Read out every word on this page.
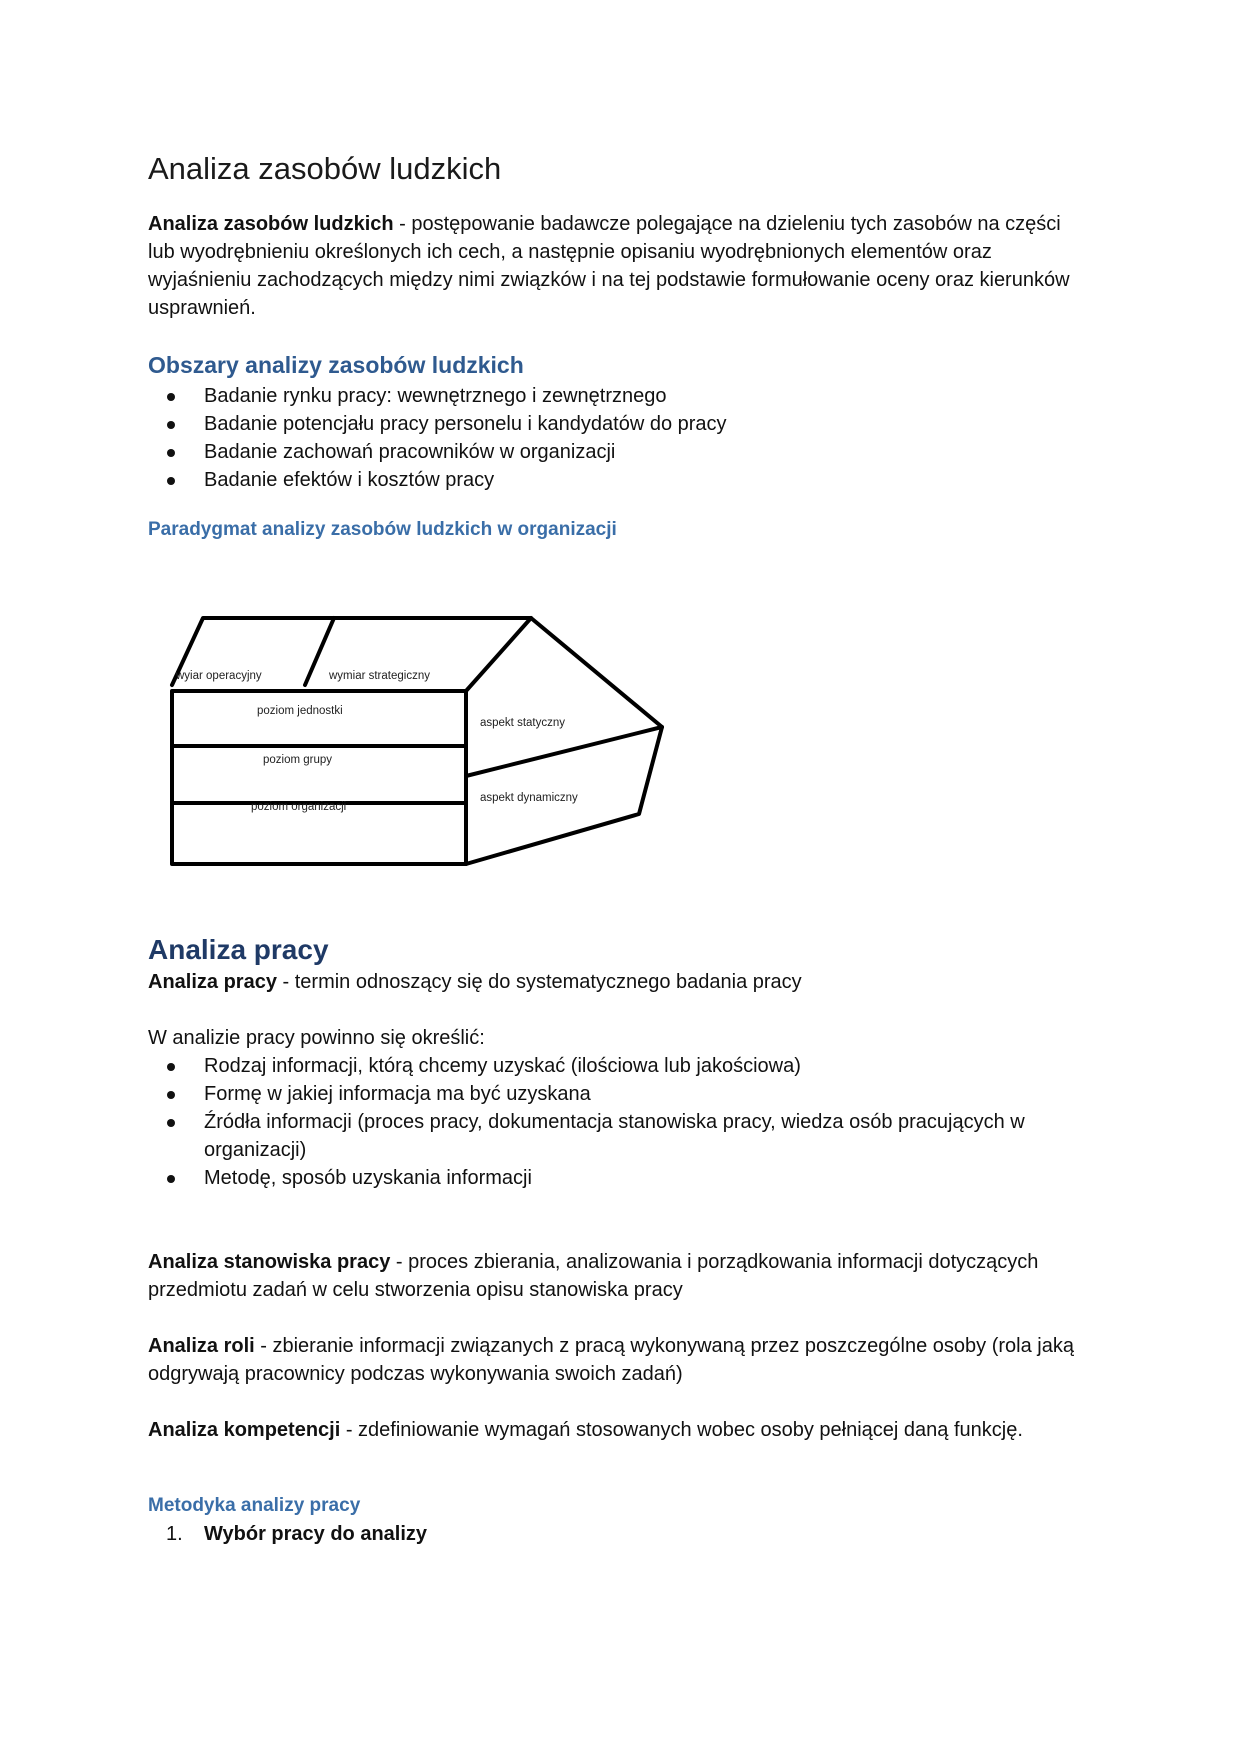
Analiza zasobów ludzkich

Analiza zasobów ludzkich - postępowanie badawcze polegające na dzieleniu tych zasobów na części lub wyodrębnieniu określonych ich cech, a następnie opisaniu wyodrębnionych elementów oraz wyjaśnieniu zachodzących między nimi związków i na tej podstawie formułowanie oceny oraz kierunków usprawnień.

Obszary analizy zasobów ludzkich
Badanie rynku pracy: wewnętrznego i zewnętrznego
Badanie potencjału pracy personelu i kandydatów do pracy
Badanie zachowań pracowników w organizacji
Badanie efektów i kosztów pracy
Paradygmat analizy zasobów ludzkich w organizacji
wyiar operacyjny	wymiar strategiczny
poziom jednostki
poziom grupy
poziom organizacji
aspekt statyczny
aspekt dynamiczny
Analiza pracy

Analiza pracy - termin odnoszący się do systematycznego badania pracy

W analizie pracy powinno się określić:

Rodzaj informacji, którą chcemy uzyskać (ilościowa lub jakościowa)
Formę w jakiej informacja ma być uzyskana
Źródła informacji (proces pracy, dokumentacja stanowiska pracy, wiedza osób pracujących w organizacji)
Metodę, sposób uzyskania informacji

Analiza stanowiska pracy - proces zbierania, analizowania i porządkowania informacji dotyczących przedmiotu zadań w celu stworzenia opisu stanowiska pracy

Analiza roli - zbieranie informacji związanych z pracą wykonywaną przez poszczególne osoby (rola jaką odgrywają pracownicy podczas wykonywania swoich zadań)

Analiza kompetencji - zdefiniowanie wymagań stosowanych wobec osoby pełniącej daną funkcję.

Metodyka analizy pracy
1. Wybór pracy do analizy
